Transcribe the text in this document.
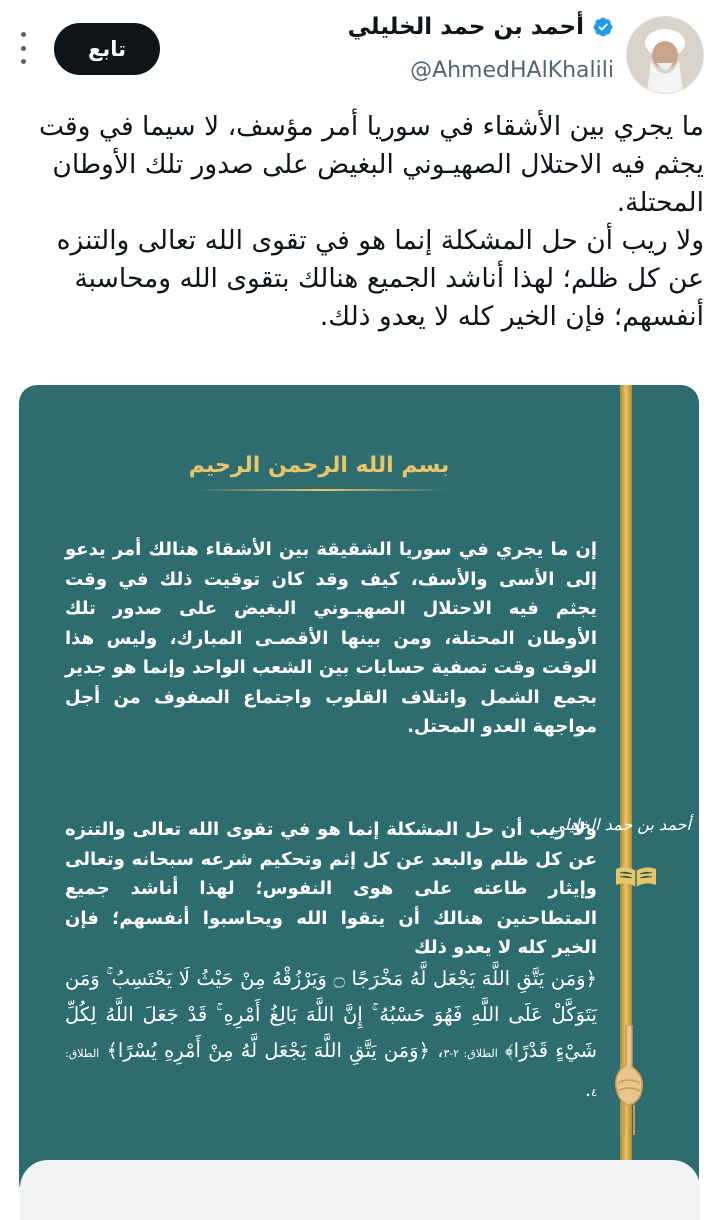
أحمد بن حمد الخليلي
@AhmedHAlKhalili
تابع

ما يجري بين الأشقاء في سوريا أمر مؤسف، لا سيما في وقت يجثم فيه الاحتلال الصهيـوني البغيض على صدور تلك الأوطان المحتلة.

ولا ريب أن حل المشكلة إنما هو في تقوى الله تعالى والتنزه عن كل ظلم؛ لهذا أناشد الجميع هنالك بتقوى الله ومحاسبة أنفسهم؛ فإن الخير كله لا يعدو ذلك.

بسم الله الرحمن الرحيم
إن ما يجري في سوريا الشقيقة بين الأشقاء هنالك أمر يدعو إلى الأسى والأسف، كيف وقد كان توقيت ذلك في وقت يجثم فيه الاحتلال الصهيـوني البغيض على صدور تلك الأوطان المحتلة، ومن بينها الأقصـى المبارك، وليس هذا الوقت وقت تصفية حسابات بين الشعب الواحد وإنما هو جدير بجمع الشمل وائتلاف القلوب واجتماع الصفوف من أجل مواجهة العدو المحتل.
ولا ريب أن حل المشكلة إنما هو في تقوى الله تعالى والتنزه عن كل ظلم والبعد عن كل إثم وتحكيم شرعه سبحانه وتعالى وإيثار طاعته على هوى النفوس؛ لهذا أناشد جميع المتطاحنين هنالك أن يتقوا الله ويحاسبوا أنفسهم؛ فإن الخير كله لا يعدو ذلك
﴿وَمَن يَتَّقِ اللَّهَ يَجْعَل لَّهُ مَخْرَجًا ۝ وَيَرْزُقْهُ مِنْ حَيْثُ لَا يَحْتَسِبُ ۚ وَمَن يَتَوَكَّلْ عَلَى اللَّهِ فَهُوَ حَسْبُهُ ۚ إِنَّ اللَّهَ بَالِغُ أَمْرِهِ ۚ قَدْ جَعَلَ اللَّهُ لِكُلِّ شَيْءٍ قَدْرًا﴾ الطلاق: ٢-٣، ﴿وَمَن يَتَّقِ اللَّهَ يَجْعَل لَّهُ مِنْ أَمْرِهِ يُسْرًا﴾ الطلاق: ٤.
أحمد بن حمد الخليلي
